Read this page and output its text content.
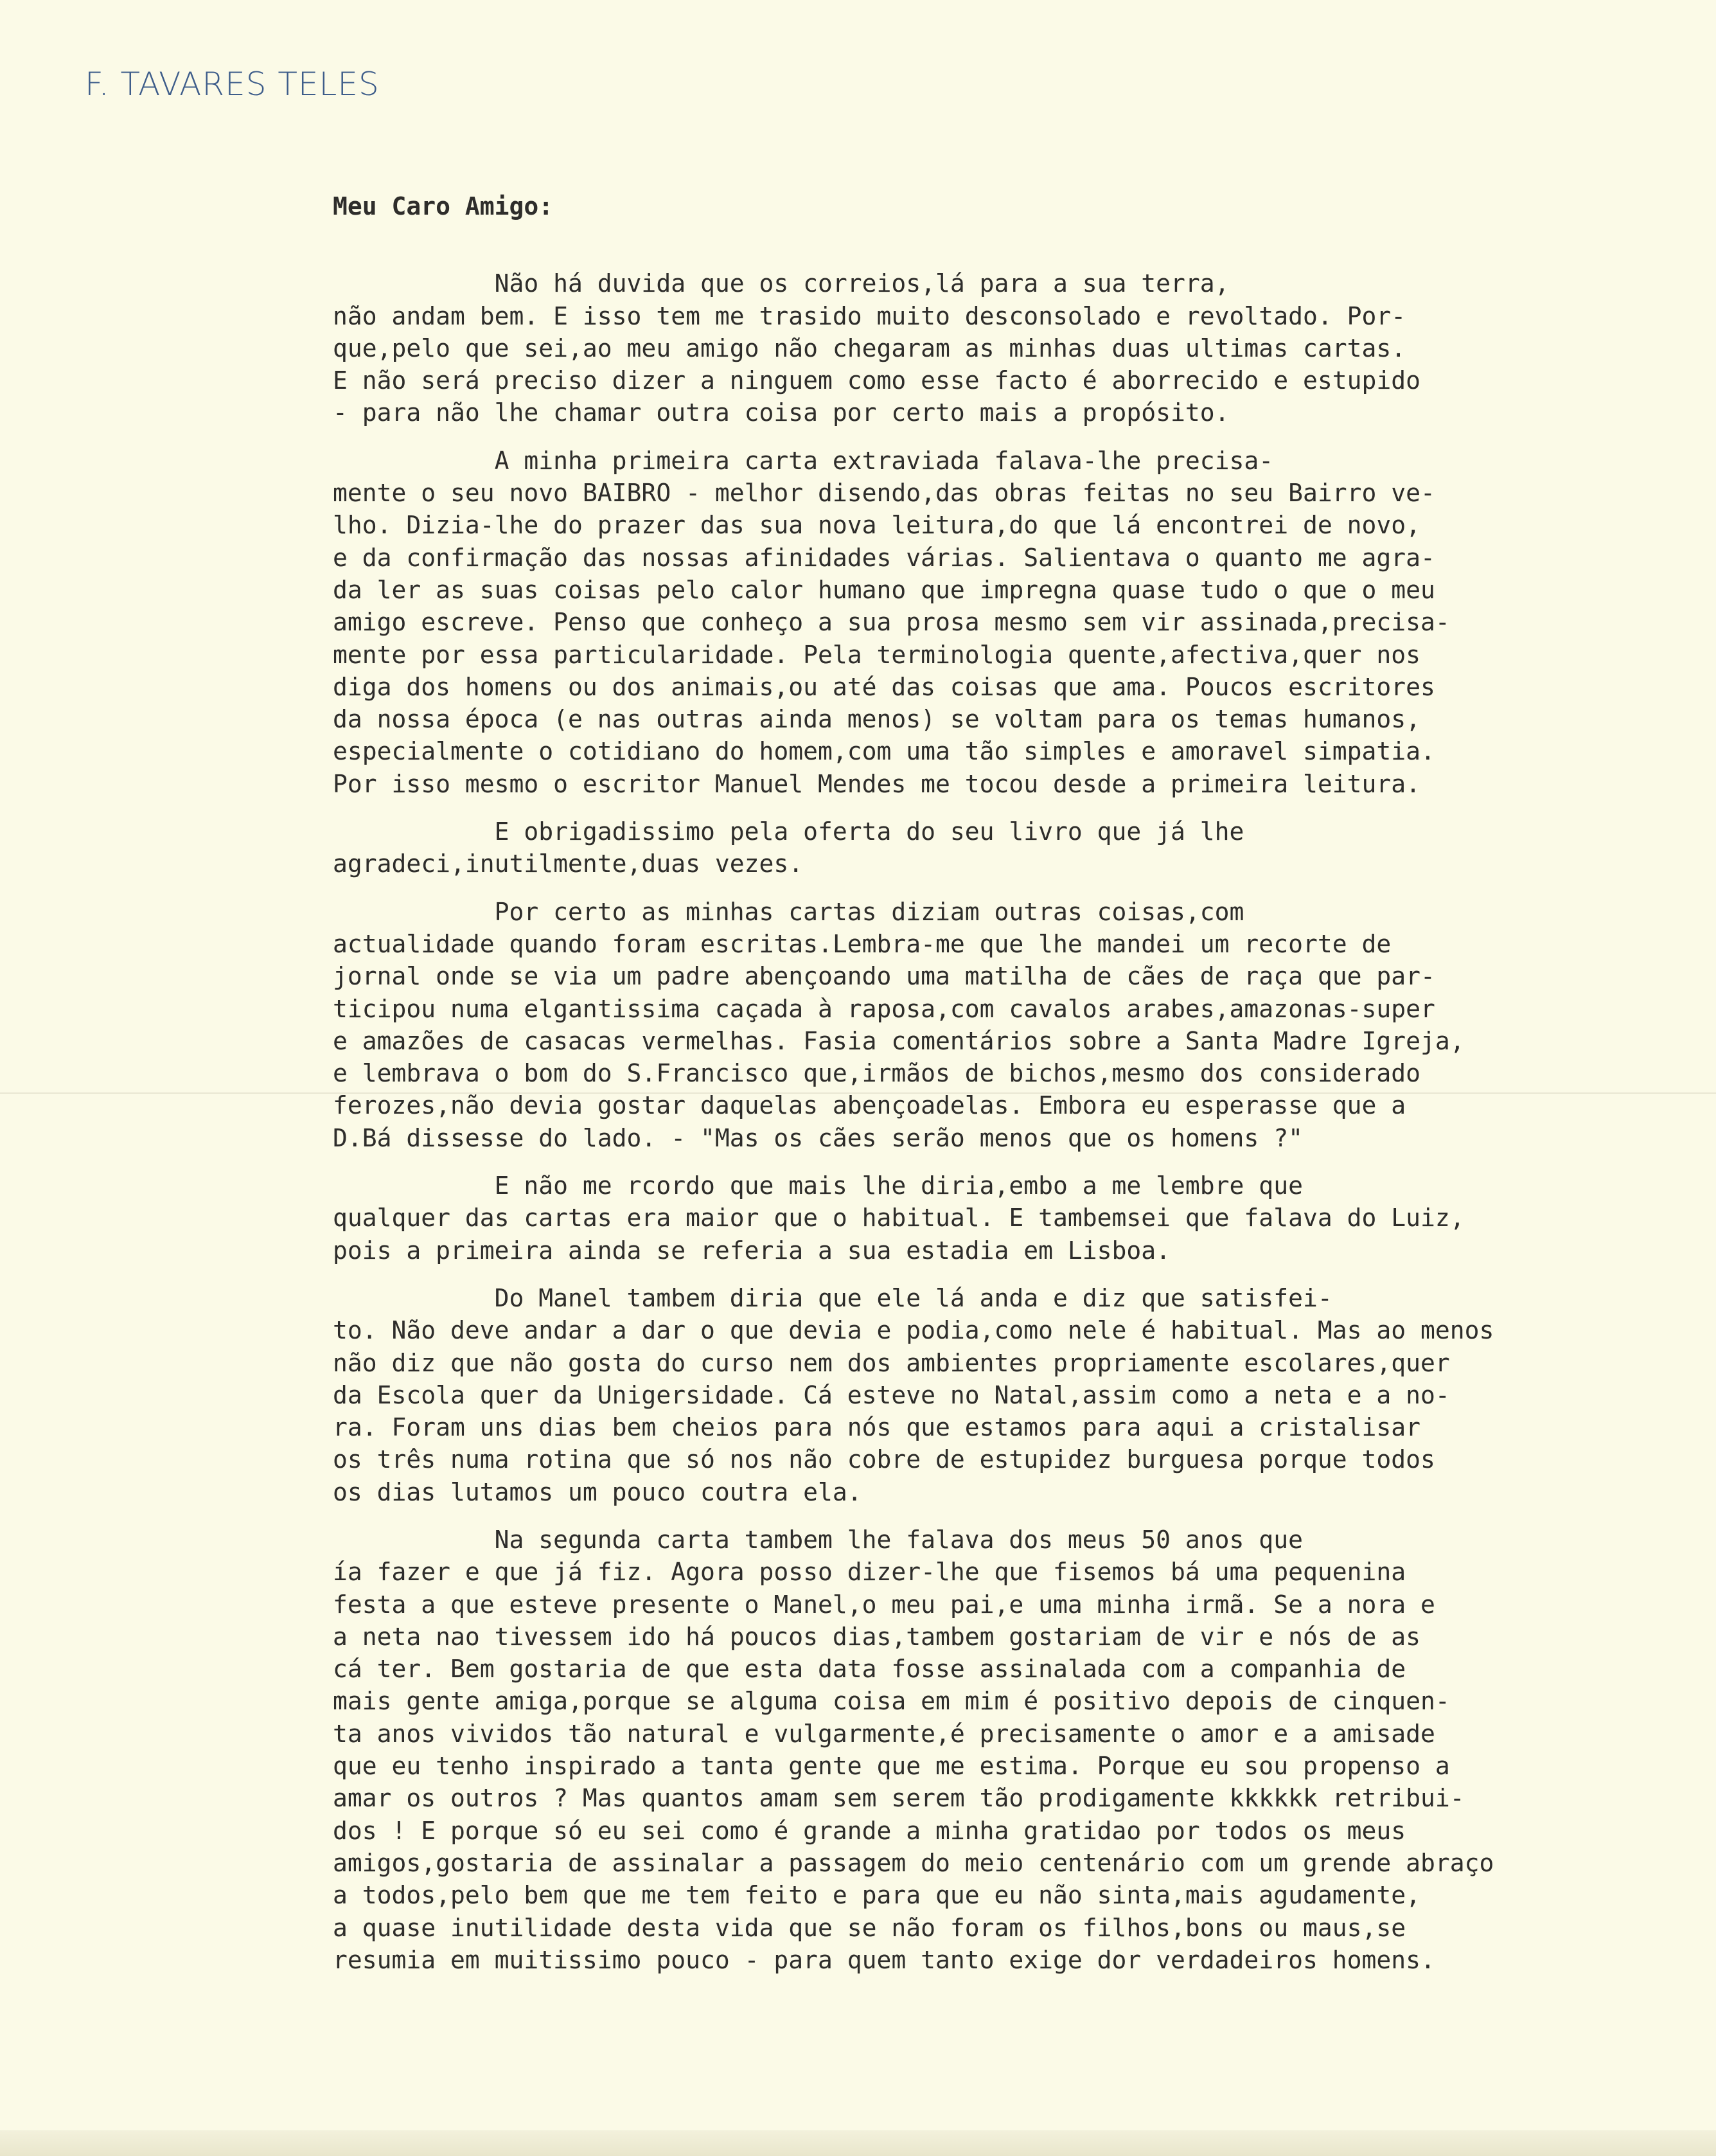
F. TAVARES TELES
Meu Caro Amigo:
Não há duvida que os correios,lá para a sua terra,
não andam bem. E isso tem me trasido muito desconsolado e revoltado. Por-
que,pelo que sei,ao meu amigo não chegaram as minhas duas ultimas cartas.
E não será preciso dizer a ninguem como esse facto é aborrecido e estupido
- para não lhe chamar outra coisa por certo mais a propósito.
A minha primeira carta extraviada falava-lhe precisa-
mente o seu novo BAIBRO - melhor disendo,das obras feitas no seu Bairro ve-
lho. Dizia-lhe do prazer das sua nova leitura,do que lá encontrei de novo,
e da confirmação das nossas afinidades várias. Salientava o quanto me agra-
da ler as suas coisas pelo calor humano que impregna quase tudo o que o meu
amigo escreve. Penso que conheço a sua prosa mesmo sem vir assinada,precisa-
mente por essa particularidade. Pela terminologia quente,afectiva,quer nos
diga dos homens ou dos animais,ou até das coisas que ama. Poucos escritores
da nossa época (e nas outras ainda menos) se voltam para os temas humanos,
especialmente o cotidiano do homem,com uma tão simples e amoravel simpatia.
Por isso mesmo o escritor Manuel Mendes me tocou desde a primeira leitura.
E obrigadissimo pela oferta do seu livro que já lhe
agradeci,inutilmente,duas vezes.
Por certo as minhas cartas diziam outras coisas,com
actualidade quando foram escritas.Lembra-me que lhe mandei um recorte de
jornal onde se via um padre abençoando uma matilha de cães de raça que par-
ticipou numa elgantissima caçada à raposa,com cavalos arabes,amazonas-super
e amazões de casacas vermelhas. Fasia comentários sobre a Santa Madre Igreja,
e lembrava o bom do S.Francisco que,irmãos de bichos,mesmo dos considerado
ferozes,não devia gostar daquelas abençoadelas. Embora eu esperasse que a
D.Bá dissesse do lado. - "Mas os cães serão menos que os homens ?"
E não me rcordo que mais lhe diria,embo a me lembre que
qualquer das cartas era maior que o habitual. E tambemsei que falava do Luiz,
pois a primeira ainda se referia a sua estadia em Lisboa.
Do Manel tambem diria que ele lá anda e diz que satisfei-
to. Não deve andar a dar o que devia e podia,como nele é habitual. Mas ao menos
não diz que não gosta do curso nem dos ambientes propriamente escolares,quer
da Escola quer da Unigersidade. Cá esteve no Natal,assim como a neta e a no-
ra. Foram uns dias bem cheios para nós que estamos para aqui a cristalisar
os três numa rotina que só nos não cobre de estupidez burguesa porque todos
os dias lutamos um pouco coutra ela.
Na segunda carta tambem lhe falava dos meus 50 anos que
ía fazer e que já fiz. Agora posso dizer-lhe que fisemos bá uma pequenina
festa a que esteve presente o Manel,o meu pai,e uma minha irmã. Se a nora e
a neta nao tivessem ido há poucos dias,tambem gostariam de vir e nós de as
cá ter. Bem gostaria de que esta data fosse assinalada com a companhia de
mais gente amiga,porque se alguma coisa em mim é positivo depois de cinquen-
ta anos vividos tão natural e vulgarmente,é precisamente o amor e a amisade
que eu tenho inspirado a tanta gente que me estima. Porque eu sou propenso a
amar os outros ? Mas quantos amam sem serem tão prodigamente kkkkkk retribui-
dos ! E porque só eu sei como é grande a minha gratidao por todos os meus
amigos,gostaria de assinalar a passagem do meio centenário com um grende abraço
a todos,pelo bem que me tem feito e para que eu não sinta,mais agudamente,
a quase inutilidade desta vida que se não foram os filhos,bons ou maus,se
resumia em muitissimo pouco - para quem tanto exige dor verdadeiros homens.
